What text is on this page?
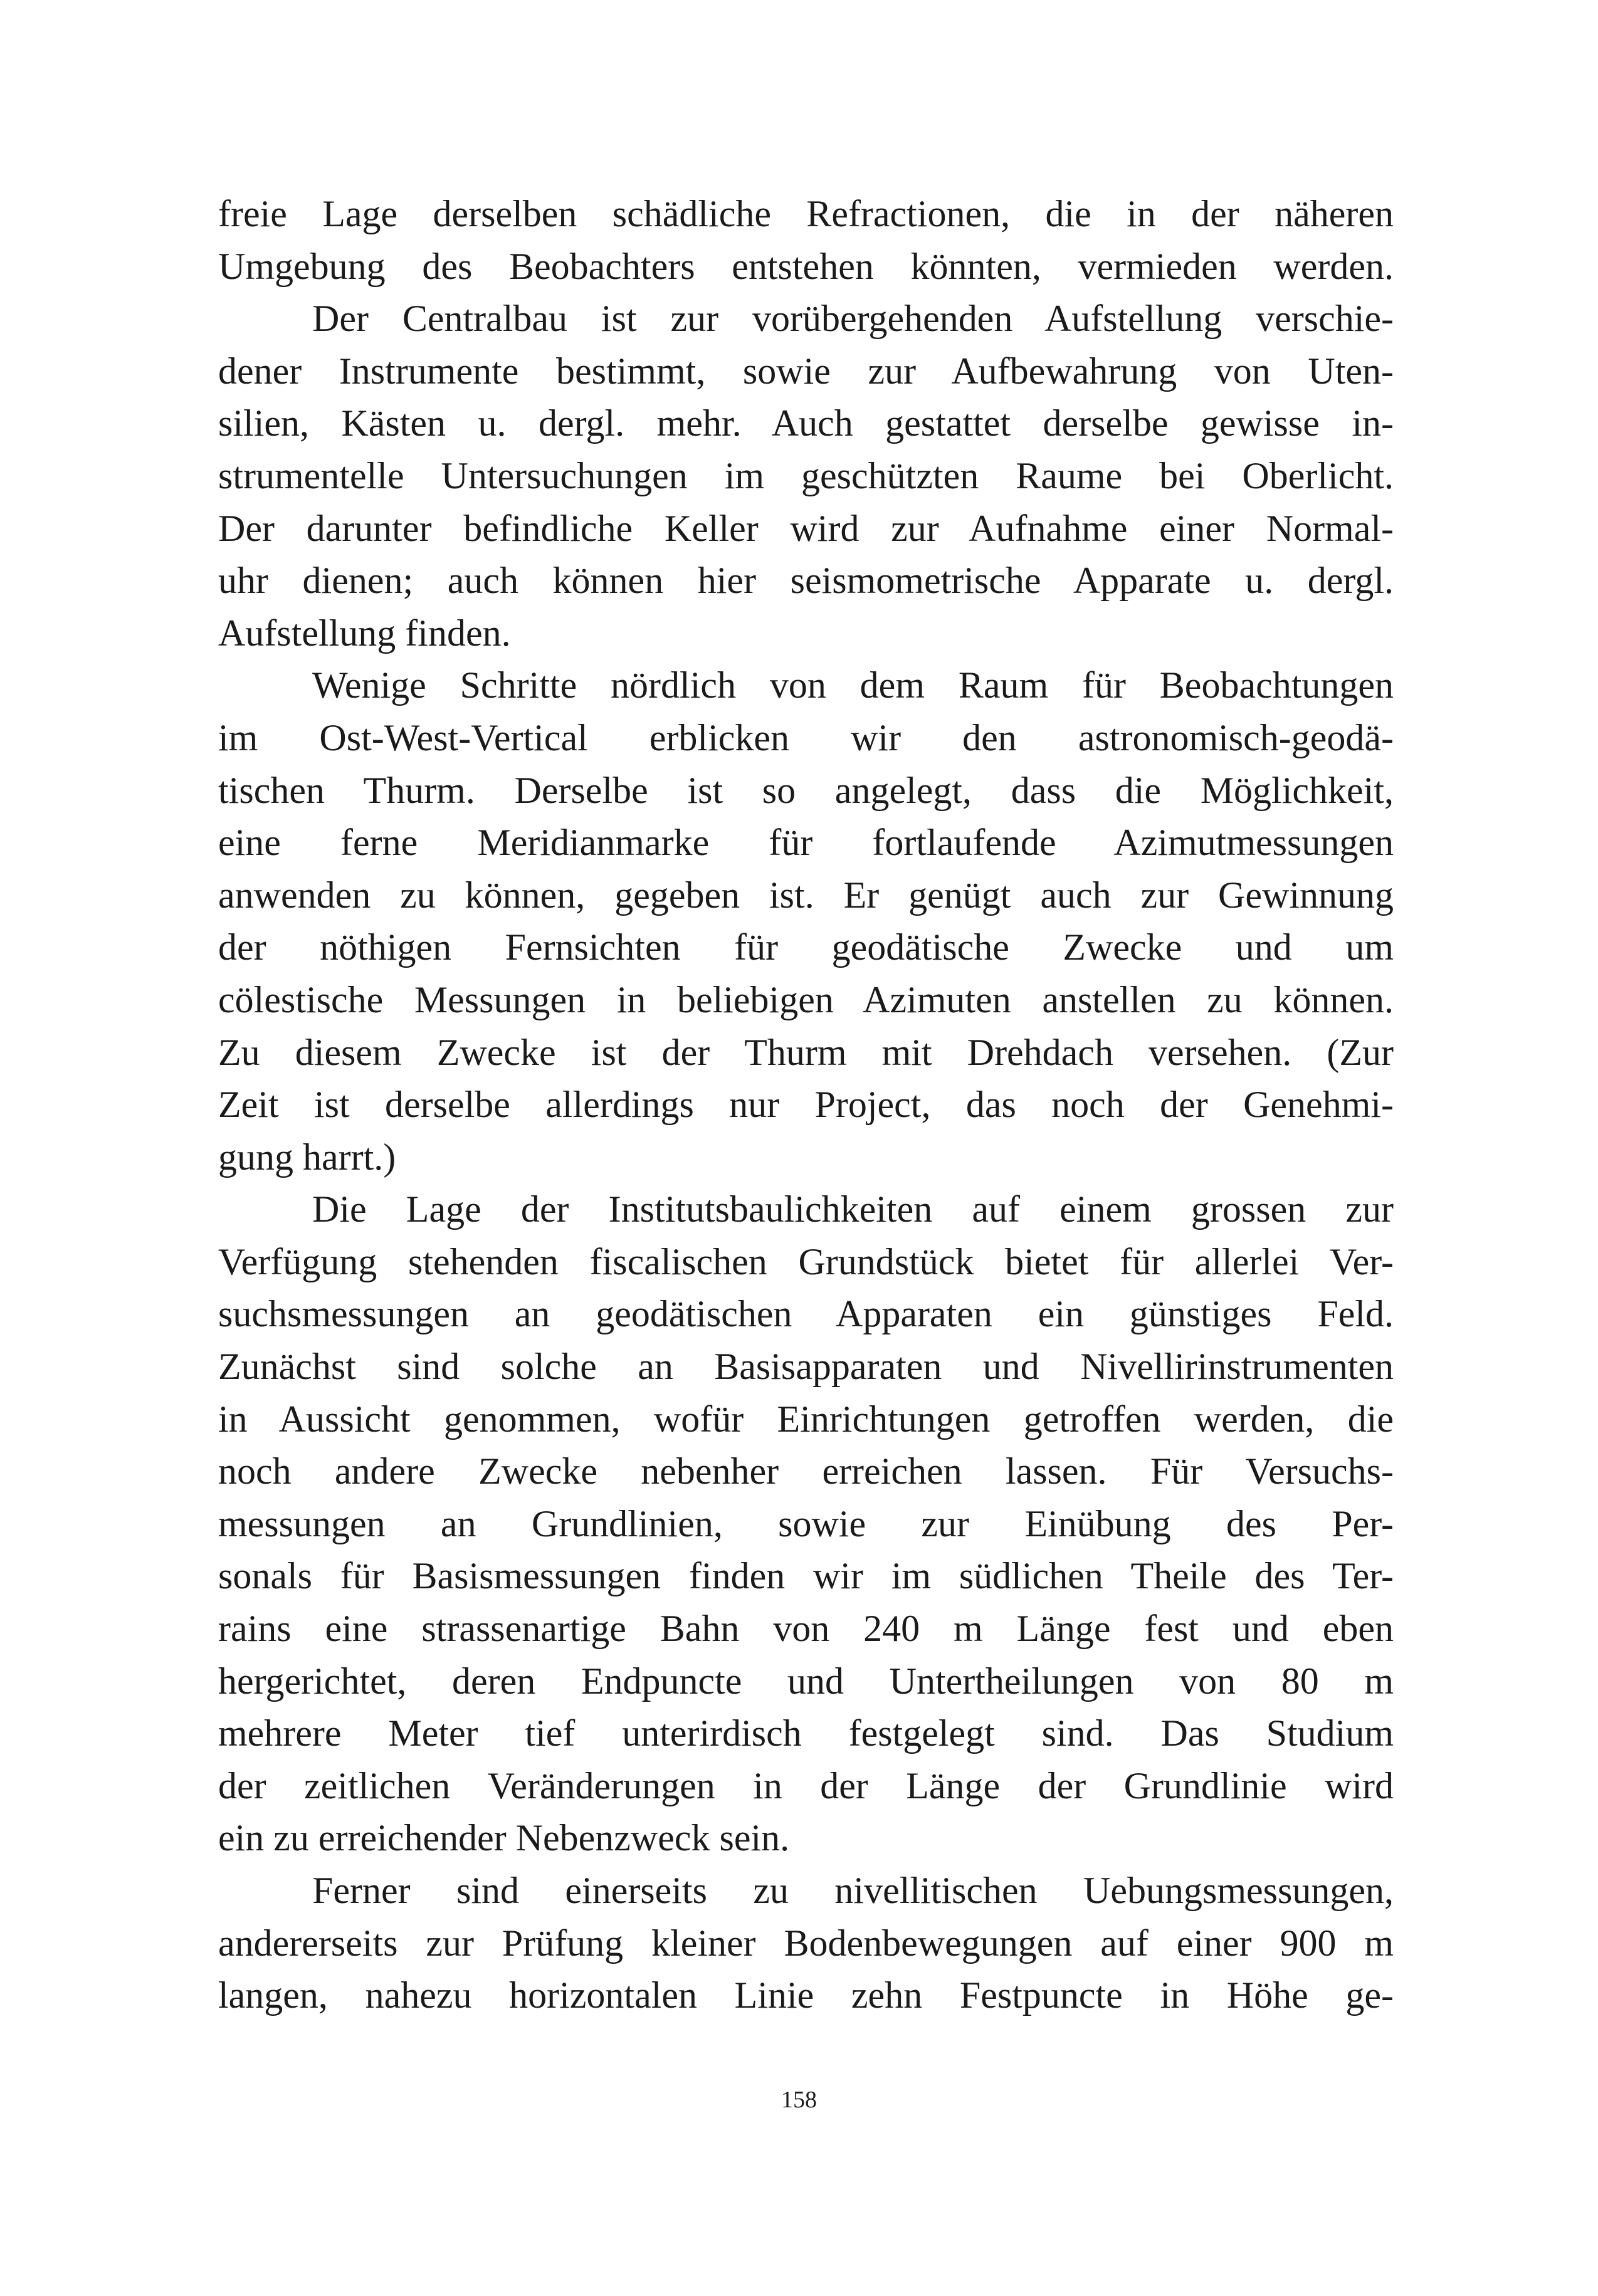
freie Lage derselben schädliche Refractionen, die in der näheren
Umgebung des Beobachters entstehen könnten, vermieden werden.
Der Centralbau ist zur vorübergehenden Aufstellung verschie-
dener Instrumente bestimmt, sowie zur Aufbewahrung von Uten-
silien, Kästen u. dergl. mehr. Auch gestattet derselbe gewisse in-
strumentelle Untersuchungen im geschützten Raume bei Oberlicht.
Der darunter befindliche Keller wird zur Aufnahme einer Normal-
uhr dienen; auch können hier seismometrische Apparate u. dergl.
Aufstellung finden.
Wenige Schritte nördlich von dem Raum für Beobachtungen
im Ost-West-Vertical erblicken wir den astronomisch-geodä-
tischen Thurm. Derselbe ist so angelegt, dass die Möglichkeit,
eine ferne Meridianmarke für fortlaufende Azimutmessungen
anwenden zu können, gegeben ist. Er genügt auch zur Gewinnung
der nöthigen Fernsichten für geodätische Zwecke und um
cölestische Messungen in beliebigen Azimuten anstellen zu können.
Zu diesem Zwecke ist der Thurm mit Drehdach versehen. (Zur
Zeit ist derselbe allerdings nur Project, das noch der Genehmi-
gung harrt.)
Die Lage der Institutsbaulichkeiten auf einem grossen zur
Verfügung stehenden fiscalischen Grundstück bietet für allerlei Ver-
suchsmessungen an geodätischen Apparaten ein günstiges Feld.
Zunächst sind solche an Basisapparaten und Nivellirinstrumenten
in Aussicht genommen, wofür Einrichtungen getroffen werden, die
noch andere Zwecke nebenher erreichen lassen. Für Versuchs-
messungen an Grundlinien, sowie zur Einübung des Per-
sonals für Basismessungen finden wir im südlichen Theile des Ter-
rains eine strassenartige Bahn von 240 m Länge fest und eben
hergerichtet, deren Endpuncte und Untertheilungen von 80 m
mehrere Meter tief unterirdisch festgelegt sind. Das Studium
der zeitlichen Veränderungen in der Länge der Grundlinie wird
ein zu erreichender Nebenzweck sein.
Ferner sind einerseits zu nivellitischen Uebungsmessungen,
andererseits zur Prüfung kleiner Bodenbewegungen auf einer 900 m
langen, nahezu horizontalen Linie zehn Festpuncte in Höhe ge-
158
